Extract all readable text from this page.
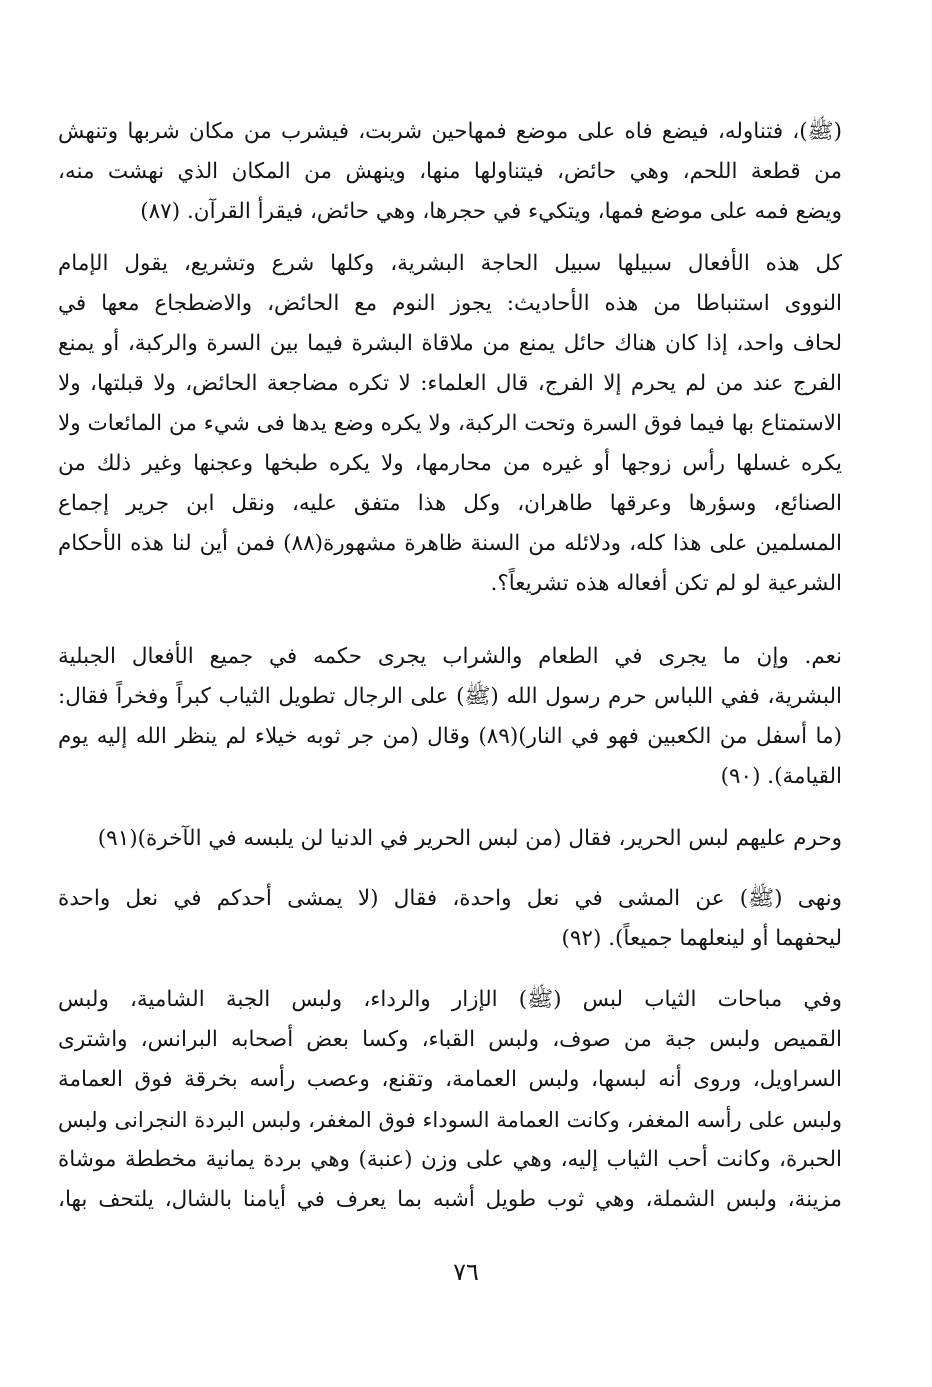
(ﷺ)، فتناوله، فيضع فاه على موضع فمهاحين شربت، فيشرب من مكان شربها وتنهش
من قطعة اللحم، وهي حائض، فيتناولها منها، وينهش من المكان الذي نهشت منه،
ويضع فمه على موضع فمها، ويتكيء في حجرها، وهي حائض، فيقرأ القرآن. (٨٧)
كل هذه الأفعال سبيلها سبيل الحاجة البشرية، وكلها شرع وتشريع، يقول الإمام
النووى استنباطا من هذه الأحاديث: يجوز النوم مع الحائض، والاضطجاع معها في
لحاف واحد، إذا كان هناك حائل يمنع من ملاقاة البشرة فيما بين السرة والركبة، أو يمنع
الفرج عند من لم يحرم إلا الفرج، قال العلماء: لا تكره مضاجعة الحائض، ولا قبلتها، ولا
الاستمتاع بها فيما فوق السرة وتحت الركبة، ولا يكره وضع يدها فى شيء من المائعات ولا
يكره غسلها رأس زوجها أو غيره من محارمها، ولا يكره طبخها وعجنها وغير ذلك من
الصنائع، وسؤرها وعرقها طاهران، وكل هذا متفق عليه، ونقل ابن جرير إجماع
المسلمين على هذا كله، ودلائله من السنة ظاهرة مشهورة(٨٨) فمن أين لنا هذه الأحكام
الشرعية لو لم تكن أفعاله هذه تشريعاً؟.
نعم. وإن ما يجرى في الطعام والشراب يجرى حكمه في جميع الأفعال الجبلية
البشرية، ففي اللباس حرم رسول الله (ﷺ) على الرجال تطويل الثياب كبراً وفخراً فقال:
(ما أسفل من الكعبين فهو في النار)(٨٩) وقال (من جر ثوبه خيلاء لم ينظر الله إليه يوم
القيامة). (٩٠)
وحرم عليهم لبس الحرير، فقال (من لبس الحرير في الدنيا لن يلبسه في الآخرة)(٩١)
ونهى (ﷺ) عن المشى في نعل واحدة، فقال (لا يمشى أحدكم في نعل واحدة
ليحفهما أو لينعلهما جميعاً). (٩٢)
وفي مباحات الثياب لبس (ﷺ) الإزار والرداء، ولبس الجبة الشامية، ولبس
القميص ولبس جبة من صوف، ولبس القباء، وكسا بعض أصحابه البرانس، واشترى
السراويل، وروى أنه لبسها، ولبس العمامة، وتقنع، وعصب رأسه بخرقة فوق العمامة
ولبس على رأسه المغفر، وكانت العمامة السوداء فوق المغفر، ولبس البردة النجرانى ولبس
الحبرة، وكانت أحب الثياب إليه، وهي على وزن (عنبة) وهي بردة يمانية مخططة موشاة
مزينة، ولبس الشملة، وهي ثوب طويل أشبه بما يعرف في أيامنا بالشال، يلتحف بها،
٧٦
